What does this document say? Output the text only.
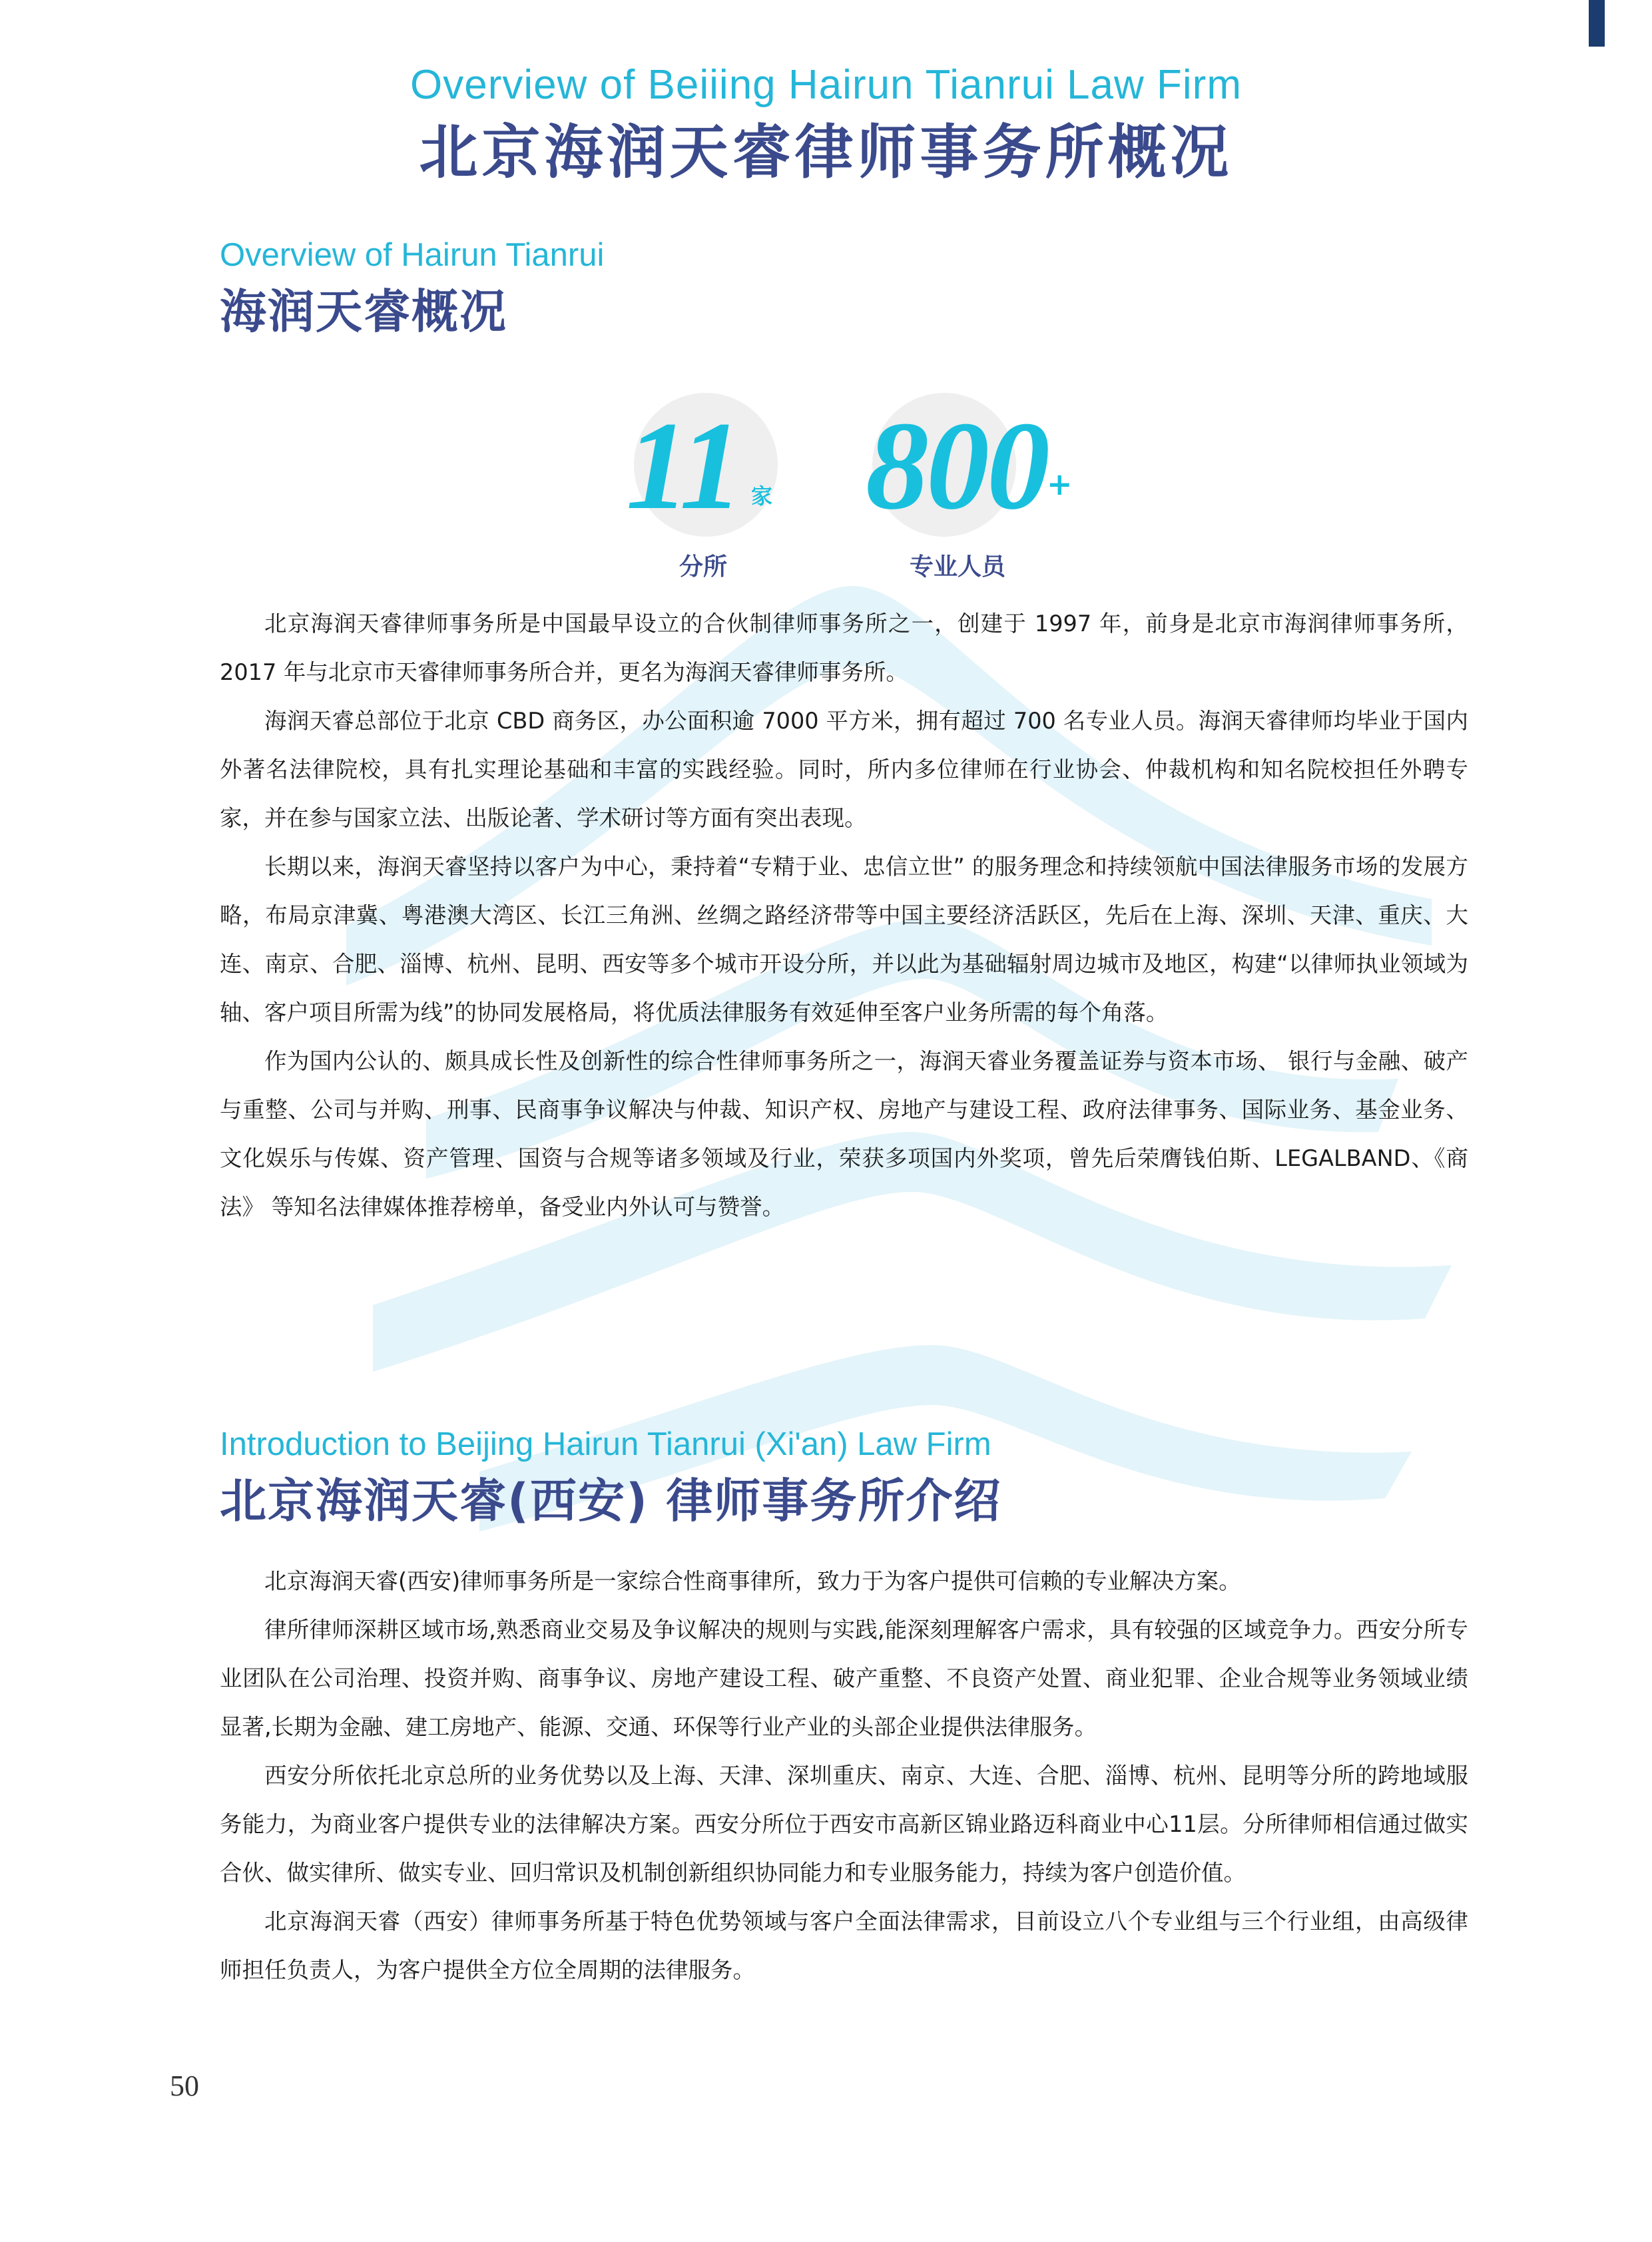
Overview of Beiiing Hairun Tianrui Law Firm
北京海润天睿律师事务所概况
Overview of Hairun Tianrui
海润天睿概况
11 家
分所
800 +
专业人员

北京海润天睿律师事务所是中国最早设立的合伙制律师事务所之一，创建于 1997 年，前身是北京市海润律师事务所，2017 年与北京市天睿律师事务所合并，更名为海润天睿律师事务所。

海润天睿总部位于北京 CBD 商务区，办公面积逾 7000 平方米，拥有超过 700 名专业人员。海润天睿律师均毕业于国内外著名法律院校，具有扎实理论基础和丰富的实践经验。同时，所内多位律师在行业协会、仲裁机构和知名院校担任外聘专家，并在参与国家立法、出版论著、学术研讨等方面有突出表现。

长期以来，海润天睿坚持以客户为中心，秉持着“专精于业、忠信立世” 的服务理念和持续领航中国法律服务市场的发展方略，布局京津冀、粤港澳大湾区、长江三角洲、丝绸之路经济带等中国主要经济活跃区，先后在上海、深圳、天津、重庆、大连、南京、合肥、淄博、杭州、昆明、西安等多个城市开设分所，并以此为基础辐射周边城市及地区，构建“以律师执业领域为轴、客户项目所需为线”的协同发展格局，将优质法律服务有效延伸至客户业务所需的每个角落。

作为国内公认的、颇具成长性及创新性的综合性律师事务所之一，海润天睿业务覆盖证券与资本市场、 银行与金融、破产与重整、公司与并购、刑事、民商事争议解决与仲裁、知识产权、房地产与建设工程、政府法律事务、国际业务、基金业务、文化娱乐与传媒、资产管理、国资与合规等诸多领域及行业，荣获多项国内外奖项，曾先后荣膺钱伯斯、LEGALBAND、《商法》 等知名法律媒体推荐榜单，备受业内外认可与赞誉。

Introduction to Beijing Hairun Tianrui (Xi'an) Law Firm
北京海润天睿(西安) 律师事务所介绍

北京海润天睿(西安)律师事务所是一家综合性商事律所，致力于为客户提供可信赖的专业解决方案。

律所律师深耕区域市场,熟悉商业交易及争议解决的规则与实践,能深刻理解客户需求，具有较强的区域竞争力。西安分所专业团队在公司治理、投资并购、商事争议、房地产建设工程、破产重整、不良资产处置、商业犯罪、企业合规等业务领域业绩显著,长期为金融、建工房地产、能源、交通、环保等行业产业的头部企业提供法律服务。

西安分所依托北京总所的业务优势以及上海、天津、深圳重庆、南京、大连、合肥、淄博、杭州、昆明等分所的跨地域服务能力，为商业客户提供专业的法律解决方案。西安分所位于西安市高新区锦业路迈科商业中心11层。分所律师相信通过做实合伙、做实律所、做实专业、回归常识及机制创新组织协同能力和专业服务能力，持续为客户创造价值。

北京海润天睿（西安）律师事务所基于特色优势领域与客户全面法律需求，目前设立八个专业组与三个行业组，由高级律师担任负责人，为客户提供全方位全周期的法律服务。

50
